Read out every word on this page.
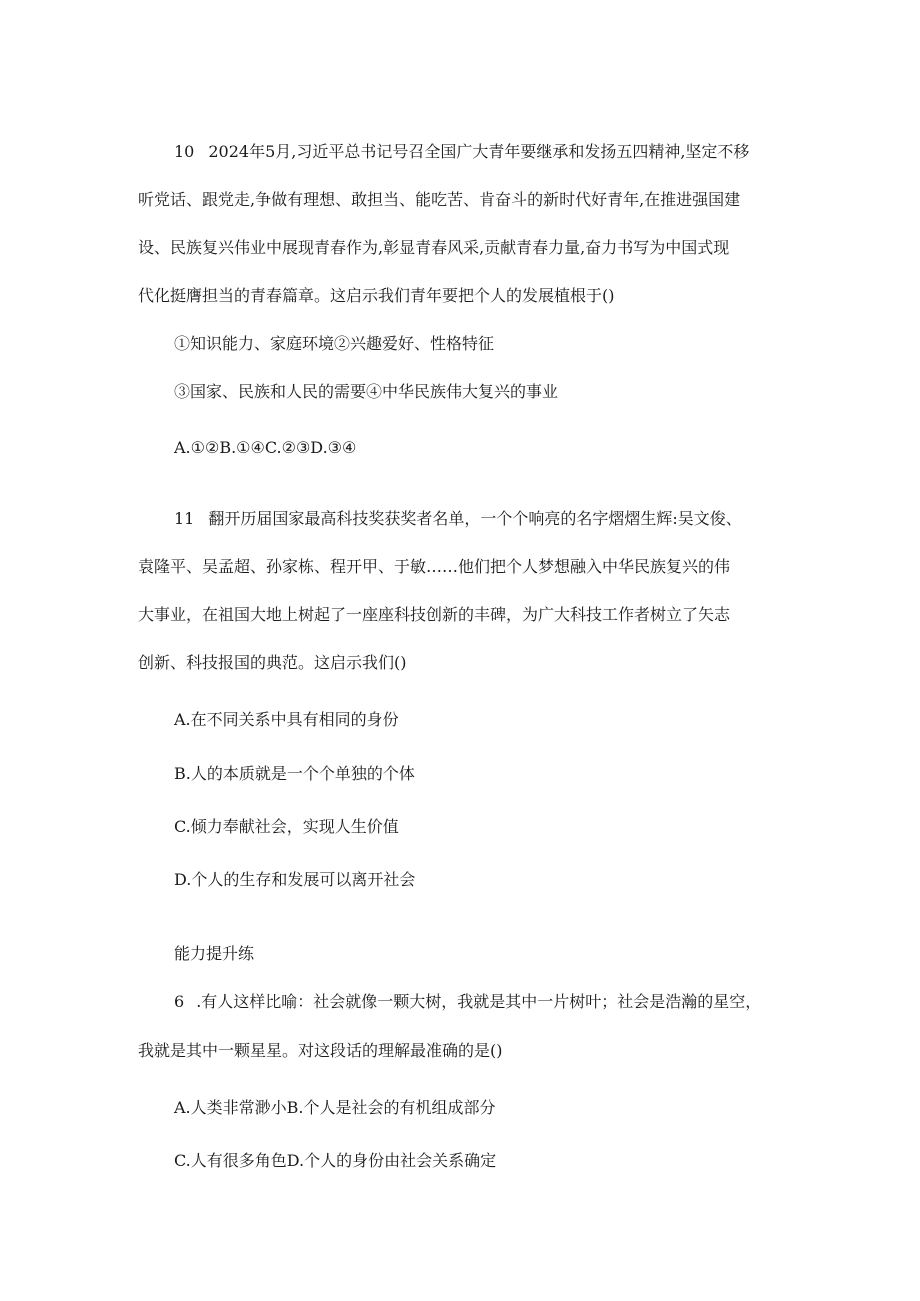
10 2024年5月,习近平总书记号召全国广大青年要继承和发扬五四精神,坚定不移
听党话、跟党走,争做有理想、敢担当、能吃苦、肯奋斗的新时代好青年,在推进强国建
设、民族复兴伟业中展现青春作为,彰显青春风采,贡献青春力量,奋力书写为中国式现
代化挺膺担当的青春篇章。这启示我们青年要把个人的发展植根于()
①知识能力、家庭环境②兴趣爱好、性格特征
③国家、民族和人民的需要④中华民族伟大复兴的事业
A.①②B.①④C.②③D.③④
11 翻开历届国家最高科技奖获奖者名单，一个个响亮的名字熠熠生辉:吴文俊、
袁隆平、吴孟超、孙家栋、程开甲、于敏……他们把个人梦想融入中华民族复兴的伟
大事业，在祖国大地上树起了一座座科技创新的丰碑，为广大科技工作者树立了矢志
创新、科技报国的典范。这启示我们()
A.在不同关系中具有相同的身份
B.人的本质就是一个个单独的个体
C.倾力奉献社会，实现人生价值
D.个人的生存和发展可以离开社会
能力提升练
6 .有人这样比喻：社会就像一颗大树，我就是其中一片树叶；社会是浩瀚的星空，
我就是其中一颗星星。对这段话的理解最准确的是()
A.人类非常渺小B.个人是社会的有机组成部分
C.人有很多角色D.个人的身份由社会关系确定
